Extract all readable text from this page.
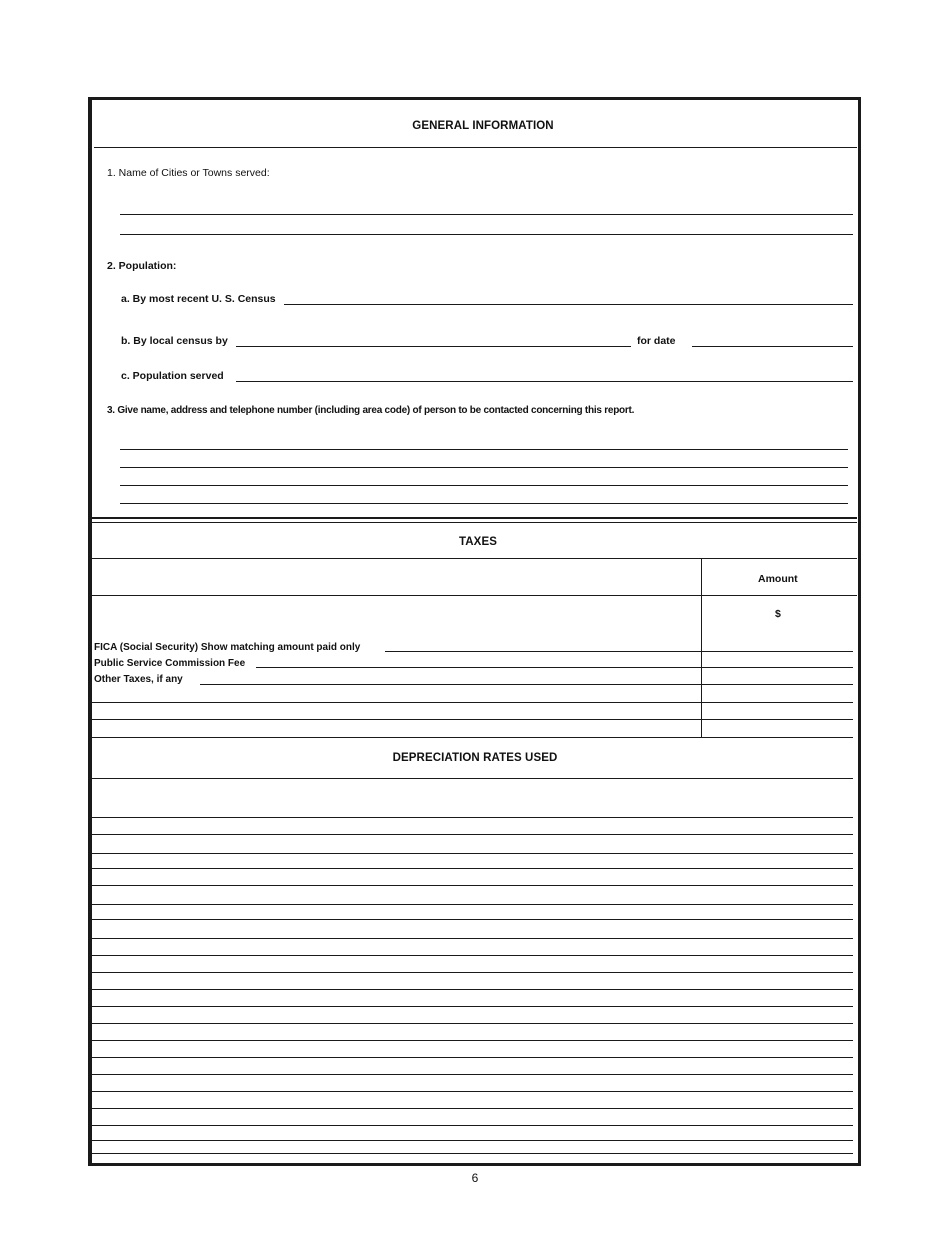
GENERAL INFORMATION
1. Name of Cities or Towns served:
2. Population:
a. By most recent U. S. Census
b. By local census by	for date
c. Population served
3. Give name, address and telephone number (including area code) of person to be contacted concerning this report.
TAXES
Amount
$
FICA (Social Security) Show matching amount paid only
Public Service Commission Fee
Other Taxes, if any
DEPRECIATION RATES USED
6
